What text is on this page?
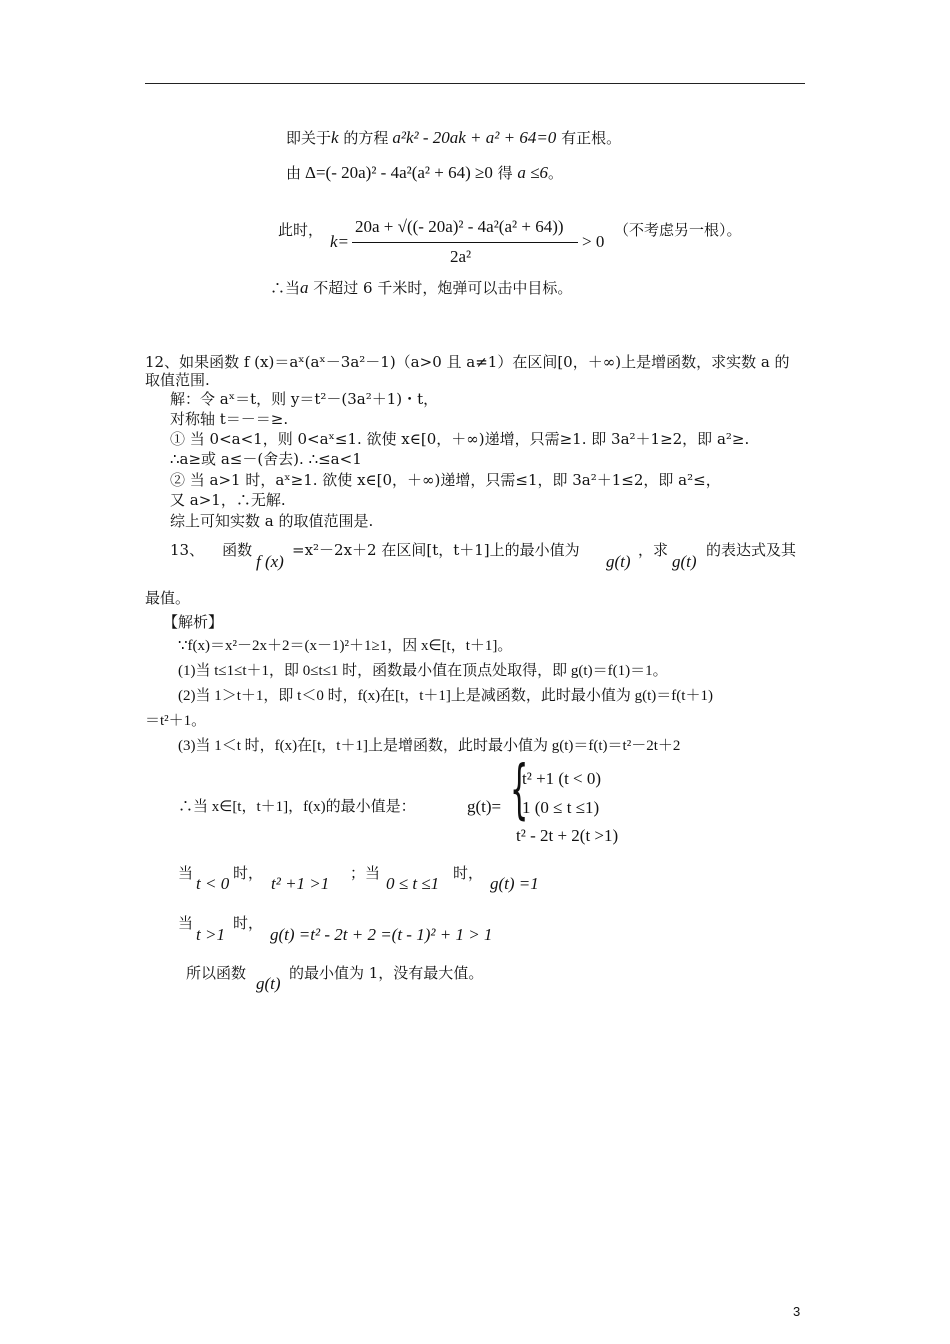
即关于k 的方程 a²k² - 20ak + a² + 64=0 有正根。
由 Δ=(- 20a)² - 4a²(a² + 64) ≥0 得 a ≤6。
此时，
k=
20a + √((- 20a)² - 4a²(a² + 64))
2a²
> 0
（不考虑另一根）。
∴当a 不超过 6 千米时，炮弹可以击中目标。
12、如果函数 f (x)＝aˣ(aˣ－3a²－1)（a>0 且 a≠1）在区间[0，＋∞)上是增函数，求实数 a 的
取值范围.
解：令 aˣ＝t，则 y＝t²－(3a²＋1)・t，
对称轴 t＝－＝≥.
① 当 0<a<1，则 0<aˣ≤1. 欲使 x∈[0，＋∞)递增，只需≥1. 即 3a²＋1≥2，即 a²≥.
∴a≥或 a≤－(舍去). ∴≤a<1
② 当 a>1 时，aˣ≥1. 欲使 x∈[0，＋∞)递增，只需≤1，即 3a²＋1≤2，即 a²≤，
又 a>1，∴无解.
综上可知实数 a 的取值范围是.
13、 函数
f (x)
=x²－2x＋2 在区间[t，t＋1]上的最小值为
g(t)
，求
g(t)
的表达式及其
最值。
【解析】
∵f(x)＝x²－2x＋2＝(x－1)²＋1≥1，因 x∈[t，t＋1]。
(1)当 t≤1≤t＋1，即 0≤t≤1 时，函数最小值在顶点处取得，即 g(t)＝f(1)＝1。
(2)当 1＞t＋1，即 t＜0 时，f(x)在[t，t＋1]上是减函数，此时最小值为 g(t)＝f(t＋1)
＝t²＋1。
(3)当 1＜t 时，f(x)在[t，t＋1]上是增函数，此时最小值为 g(t)＝f(t)＝t²－2t＋2
∴当 x∈[t，t＋1]，f(x)的最小值是：	g(t)= {
t² +1 (t < 0)
1 (0 ≤ t ≤1)
t² - 2t + 2(t >1)
当
t < 0
时，
t² +1 >1
；当
0 ≤ t ≤1
时，
g(t) =1
当
t >1
时，
g(t) =t² - 2t + 2 =(t - 1)² + 1 > 1
所以函数
g(t)
的最小值为 1，没有最大值。
3
